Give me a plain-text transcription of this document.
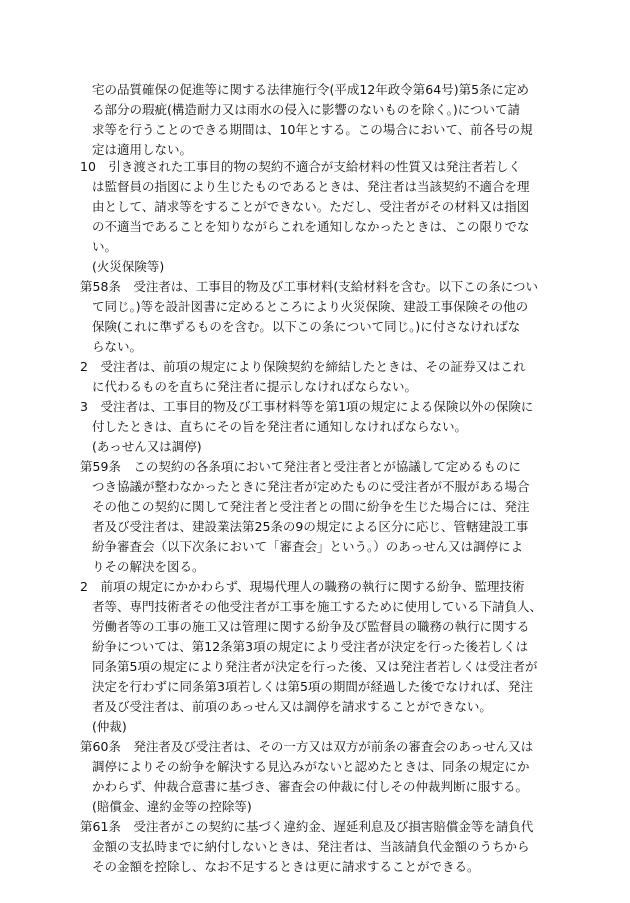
宅の品質確保の促進等に関する法律施行令(平成12年政令第64号)第5条に定め
る部分の瑕疵(構造耐力又は雨水の侵入に影響のないものを除く。)について請
求等を行うことのできる期間は、10年とする。この場合において、前各号の規
定は適用しない。
10　引き渡された工事目的物の契約不適合が支給材料の性質又は発注者若しく
は監督員の指図により生じたものであるときは、発注者は当該契約不適合を理
由として、請求等をすることができない。ただし、受注者がその材料又は指図
の不適当であることを知りながらこれを通知しなかったときは、この限りでな
い。
(火災保険等)
第58条　受注者は、工事目的物及び工事材料(支給材料を含む。以下この条につい
て同じ。)等を設計図書に定めるところにより火災保険、建設工事保険その他の
保険(これに準ずるものを含む。以下この条について同じ。)に付さなければな
らない。
2　受注者は、前項の規定により保険契約を締結したときは、その証券又はこれ
に代わるものを直ちに発注者に提示しなければならない。
3　受注者は、工事目的物及び工事材料等を第1項の規定による保険以外の保険に
付したときは、直ちにその旨を発注者に通知しなければならない。
(あっせん又は調停)
第59条　この契約の各条項において発注者と受注者とが協議して定めるものに
つき協議が整わなかったときに発注者が定めたものに受注者が不服がある場合
その他この契約に関して発注者と受注者との間に紛争を生じた場合には、発注
者及び受注者は、建設業法第25条の9の規定による区分に応じ、管轄建設工事
紛争審査会（以下次条において「審査会」という。）のあっせん又は調停によ
りその解決を図る。
2　前項の規定にかかわらず、現場代理人の職務の執行に関する紛争、監理技術
者等、専門技術者その他受注者が工事を施工するために使用している下請負人、
労働者等の工事の施工又は管理に関する紛争及び監督員の職務の執行に関する
紛争については、第12条第3項の規定により受注者が決定を行った後若しくは
同条第5項の規定により発注者が決定を行った後、又は発注者若しくは受注者が
決定を行わずに同条第3項若しくは第5項の期間が経過した後でなければ、発注
者及び受注者は、前項のあっせん又は調停を請求することができない。
(仲裁)
第60条　発注者及び受注者は、その一方又は双方が前条の審査会のあっせん又は
調停によりその紛争を解決する見込みがないと認めたときは、同条の規定にか
かわらず、仲裁合意書に基づき、審査会の仲裁に付しその仲裁判断に服する。
(賠償金、違約金等の控除等)
第61条　受注者がこの契約に基づく違約金、遅延利息及び損害賠償金等を請負代
金額の支払時までに納付しないときは、発注者は、当該請負代金額のうちから
その金額を控除し、なお不足するときは更に請求することができる。
